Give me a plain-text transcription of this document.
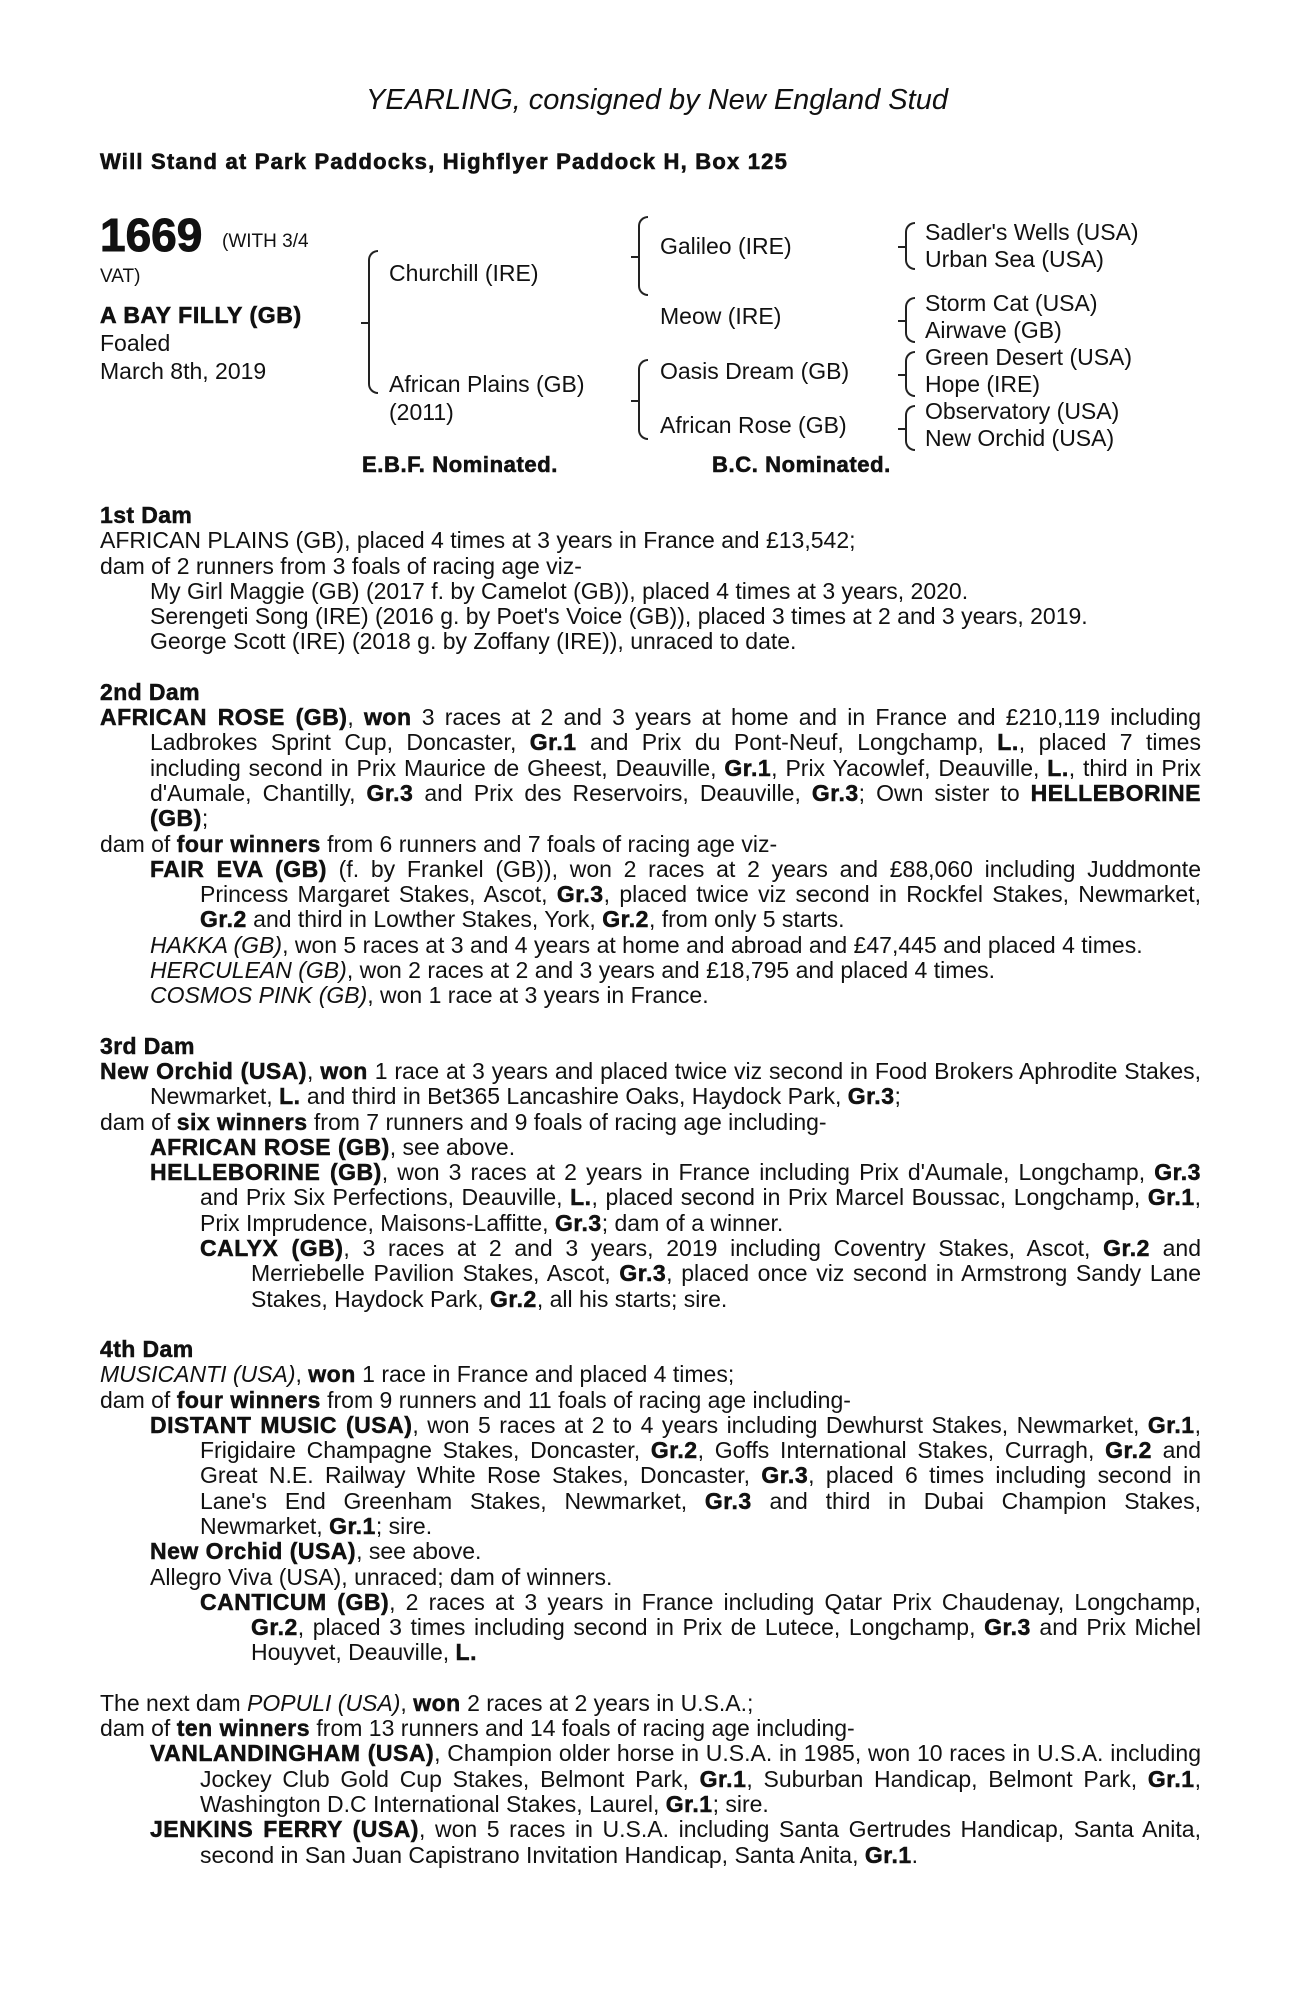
YEARLING, consigned by New England Stud
Will Stand at Park Paddocks, Highflyer Paddock H, Box 125
1669 (WITH 3/4
VAT)
A BAY FILLY (GB)
Foaled
March 8th, 2019
Churchill (IRE)
African Plains (GB)
(2011)
Galileo (IRE)
Meow (IRE)
Oasis Dream (GB)
African Rose (GB)
Sadler's Wells (USA)
Urban Sea (USA)
Storm Cat (USA)
Airwave (GB)
Green Desert (USA)
Hope (IRE)
Observatory (USA)
New Orchid (USA)
E.B.F. Nominated.	B.C. Nominated.
1st Dam
AFRICAN PLAINS (GB), placed 4 times at 3 years in France and £13,542;
dam of 2 runners from 3 foals of racing age viz-
My Girl Maggie (GB) (2017 f. by Camelot (GB)), placed 4 times at 3 years, 2020.
Serengeti Song (IRE) (2016 g. by Poet's Voice (GB)), placed 3 times at 2 and 3 years, 2019.
George Scott (IRE) (2018 g. by Zoffany (IRE)), unraced to date.
2nd Dam
AFRICAN ROSE (GB), won 3 races at 2 and 3 years at home and in France and £210,119 including Ladbrokes Sprint Cup, Doncaster, Gr.1 and Prix du Pont-Neuf, Longchamp, L., placed 7 times including second in Prix Maurice de Gheest, Deauville, Gr.1, Prix Yacowlef, Deauville, L., third in Prix d'Aumale, Chantilly, Gr.3 and Prix des Reservoirs, Deauville, Gr.3; Own sister to HELLEBORINE (GB);
dam of four winners from 6 runners and 7 foals of racing age viz-
FAIR EVA (GB) (f. by Frankel (GB)), won 2 races at 2 years and £88,060 including Juddmonte Princess Margaret Stakes, Ascot, Gr.3, placed twice viz second in Rockfel Stakes, Newmarket, Gr.2 and third in Lowther Stakes, York, Gr.2, from only 5 starts.
HAKKA (GB), won 5 races at 3 and 4 years at home and abroad and £47,445 and placed 4 times.
HERCULEAN (GB), won 2 races at 2 and 3 years and £18,795 and placed 4 times.
COSMOS PINK (GB), won 1 race at 3 years in France.
3rd Dam
New Orchid (USA), won 1 race at 3 years and placed twice viz second in Food Brokers Aphrodite Stakes, Newmarket, L. and third in Bet365 Lancashire Oaks, Haydock Park, Gr.3;
dam of six winners from 7 runners and 9 foals of racing age including-
AFRICAN ROSE (GB), see above.
HELLEBORINE (GB), won 3 races at 2 years in France including Prix d'Aumale, Longchamp, Gr.3 and Prix Six Perfections, Deauville, L., placed second in Prix Marcel Boussac, Longchamp, Gr.1, Prix Imprudence, Maisons-Laffitte, Gr.3; dam of a winner.
CALYX (GB), 3 races at 2 and 3 years, 2019 including Coventry Stakes, Ascot, Gr.2 and Merriebelle Pavilion Stakes, Ascot, Gr.3, placed once viz second in Armstrong Sandy Lane Stakes, Haydock Park, Gr.2, all his starts; sire.
4th Dam
MUSICANTI (USA), won 1 race in France and placed 4 times;
dam of four winners from 9 runners and 11 foals of racing age including-
DISTANT MUSIC (USA), won 5 races at 2 to 4 years including Dewhurst Stakes, Newmarket, Gr.1, Frigidaire Champagne Stakes, Doncaster, Gr.2, Goffs International Stakes, Curragh, Gr.2 and Great N.E. Railway White Rose Stakes, Doncaster, Gr.3, placed 6 times including second in Lane's End Greenham Stakes, Newmarket, Gr.3 and third in Dubai Champion Stakes, Newmarket, Gr.1; sire.
New Orchid (USA), see above.
Allegro Viva (USA), unraced; dam of winners.
CANTICUM (GB), 2 races at 3 years in France including Qatar Prix Chaudenay, Longchamp, Gr.2, placed 3 times including second in Prix de Lutece, Longchamp, Gr.3 and Prix Michel Houyvet, Deauville, L.
The next dam POPULI (USA), won 2 races at 2 years in U.S.A.;
dam of ten winners from 13 runners and 14 foals of racing age including-
VANLANDINGHAM (USA), Champion older horse in U.S.A. in 1985, won 10 races in U.S.A. including Jockey Club Gold Cup Stakes, Belmont Park, Gr.1, Suburban Handicap, Belmont Park, Gr.1, Washington D.C International Stakes, Laurel, Gr.1; sire.
JENKINS FERRY (USA), won 5 races in U.S.A. including Santa Gertrudes Handicap, Santa Anita, second in San Juan Capistrano Invitation Handicap, Santa Anita, Gr.1.
